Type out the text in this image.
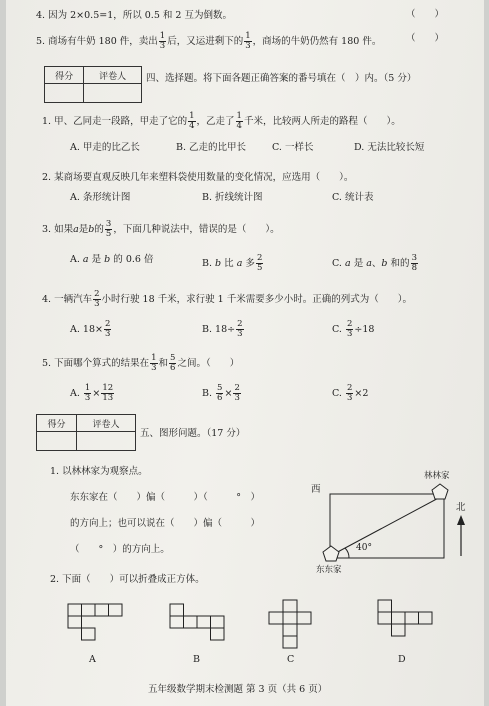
4. 因为 2×0.5=1，所以 0.5 和 2 互为倒数。	（　　）
5. 商场有牛奶 180 件，卖出 $\frac{1}{3}$ 后，又运进剩下的 $\frac{1}{3}$ ，商场的牛奶仍然有 180 件。	（　　）
得分	评卷人
	四、选择题。将下面各题正确答案的番号填在（　）内。（5 分）
1. 甲、乙同走一段路，甲走了它的 $\frac{1}{4}$ ，乙走了 $\frac{1}{4}$ 千米，比较两人所走的路程（　　）。
A. 甲走的比乙长	B. 乙走的比甲长	C. 一样长	D. 无法比较长短
2. 某商场要直观反映几年来塑料袋使用数量的变化情况，应选用（　　）。
A. 条形统计图	B. 折线统计图	C. 统计表
3. 如果a是b的 $\frac{3}{5}$ ，下面几种说法中，错误的是（　　）。
A. a 是 b 的 0.6 倍	B. b 比 a 多 $\frac{2}{5}$	C. a 是 a、b 和的 $\frac{3}{8}$
4. 一辆汽车 $\frac{2}{3}$ 小时行驶 18 千米，求行驶 1 千米需要多少小时。正确的列式为（　　）。
A. $18\times \frac{2}{3}$	B. $18\div \frac{2}{3}$	C. $\frac{2}{3} \div 18$
5. 下面哪个算式的结果在 $\frac{1}{3}$ 和 $\frac{5}{6}$ 之间。（　　）
A. $\frac{1}{3} \times \frac{12}{13}$	B. $\frac{5}{6} \times \frac{2}{3}$	C. $\frac{2}{3} \times 2$
得分	评卷人

五、图形问题。（17 分）
1. 以林林家为观察点。
东东家在（　　）偏（　　　）（　　　°　）
的方向上；也可以说在（　　）偏（　　　）
（　　°　）的方向上。
西
林林家
东东家
40°
北
2. 下面（　　）可以折叠成正方体。
A	B	C	D
五年级数学期末检测题 第 3 页（共 6 页）
